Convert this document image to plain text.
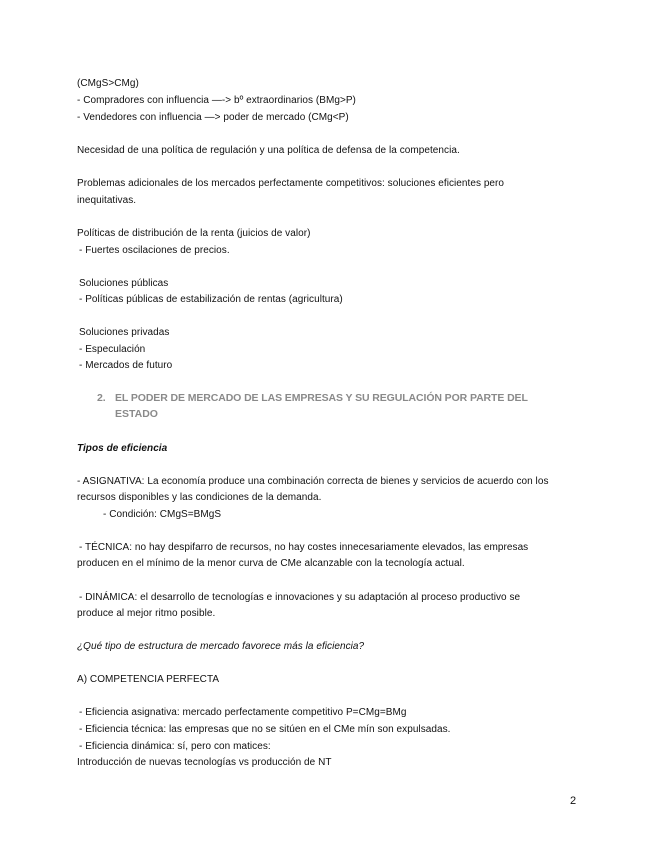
(CMgS>CMg)
- Compradores con influencia —-> bº extraordinarios (BMg>P)
- Vendedores con influencia —> poder de mercado (CMg<P)
Necesidad de una política de regulación y una política de defensa de la competencia.
Problemas adicionales de los mercados perfectamente competitivos: soluciones eficientes pero
inequitativas.
Políticas de distribución de la renta (juicios de valor)
- Fuertes oscilaciones de precios.
Soluciones públicas
- Políticas públicas de estabilización de rentas (agricultura)
Soluciones privadas
- Especulación
- Mercados de futuro
2. EL PODER DE MERCADO DE LAS EMPRESAS Y SU REGULACIÓN POR PARTE DEL
ESTADO
Tipos de eficiencia
- ASIGNATIVA: La economía produce una combinación correcta de bienes y servicios de acuerdo con los
recursos disponibles y las condiciones de la demanda.
- Condición: CMgS=BMgS
- TÉCNICA: no hay despifarro de recursos, no hay costes innecesariamente elevados, las empresas
producen en el mínimo de la menor curva de CMe alcanzable con la tecnología actual.
- DINÁMICA: el desarrollo de tecnologías e innovaciones y su adaptación al proceso productivo se
produce al mejor ritmo posible.
¿Qué tipo de estructura de mercado favorece más la eficiencia?
A) COMPETENCIA PERFECTA
- Eficiencia asignativa: mercado perfectamente competitivo P=CMg=BMg
- Eficiencia técnica: las empresas que no se sitúen en el CMe mín son expulsadas.
- Eficiencia dinámica: sí, pero con matices:
Introducción de nuevas tecnologías vs producción de NT
2
